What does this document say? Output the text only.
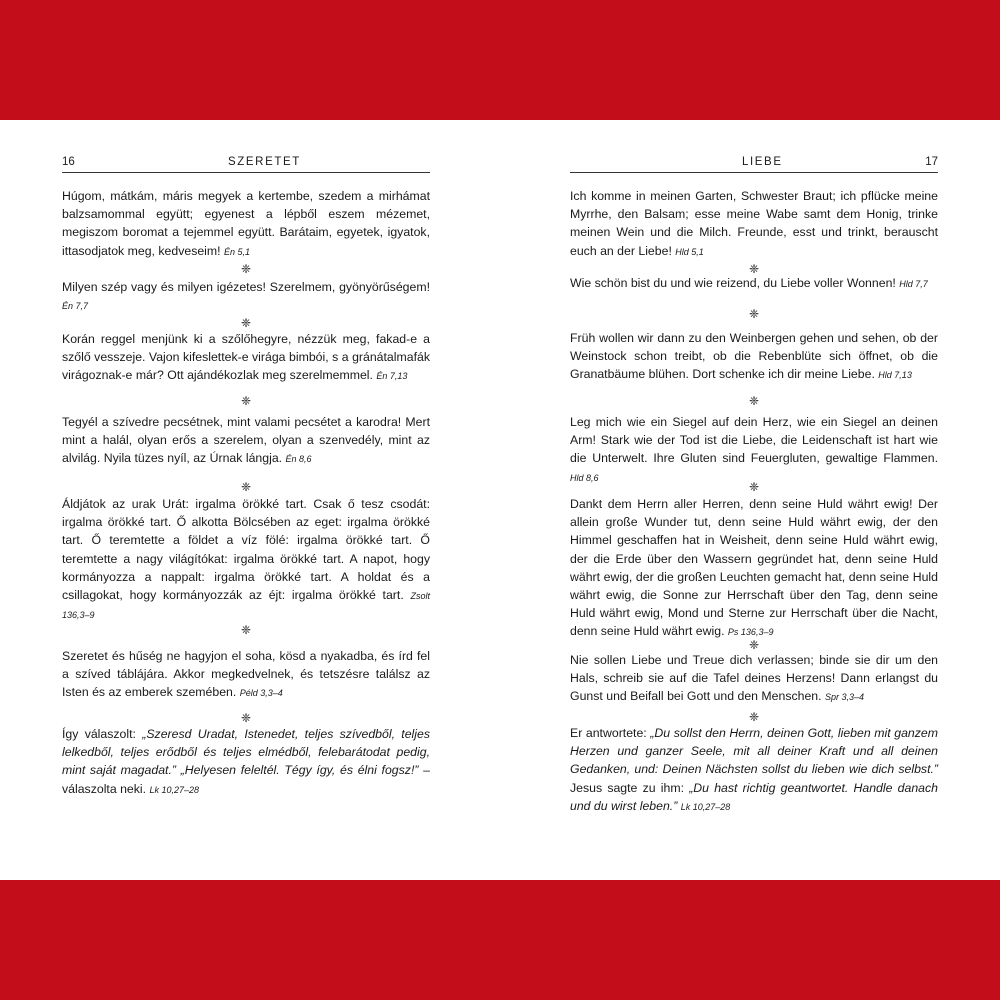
16	SZERETET
Húgom, mátkám, máris megyek a kertembe, szedem a mirhámat balzsamommal együtt; egyenest a lépből eszem mézemet, megiszom boromat a tejemmel együtt. Barátaim, egyetek, igyatok, ittasodjatok meg, kedveseim! Én 5,1
❈
Milyen szép vagy és milyen igézetes! Szerelmem, gyönyörűségem! Én 7,7
❈
Korán reggel menjünk ki a szőlőhegyre, nézzük meg, fakad-e a szőlő vesszeje. Vajon kifeslettek-e virága bimbói, s a gránátalmafák virágoznak-e már? Ott ajándékozlak meg szerelmemmel. Én 7,13
❈
Tegyél a szívedre pecsétnek, mint valami pecsétet a karodra! Mert mint a halál, olyan erős a szerelem, olyan a szenvedély, mint az alvilág. Nyila tüzes nyíl, az Úrnak lángja. Én 8,6
❈
Áldjátok az urak Urát: irgalma örökké tart. Csak ő tesz csodát: irgalma örökké tart. Ő alkotta Bölcsében az eget: irgalma örökké tart. Ő teremtette a földet a víz fölé: irgalma örökké tart. Ő teremtette a nagy világítókat: irgalma örökké tart. A napot, hogy kormányozza a nappalt: irgalma örökké tart. A holdat és a csillagokat, hogy kormányozzák az éjt: irgalma örökké tart. Zsolt 136,3–9
❈
Szeretet és hűség ne hagyjon el soha, kösd a nyakadba, és írd fel a szíved táblájára. Akkor megkedvelnek, és tetszésre találsz az Isten és az emberek szemében. Péld 3,3–4
❈
Így válaszolt: „Szeresd Uradat, Istenedet, teljes szívedből, teljes lelkedből, teljes erődből és teljes elmédből, felebarátodat pedig, mint saját magadat.” „Helyesen feleltél. Tégy így, és élni fogsz!” – válaszolta neki. Lk 10,27–28
LIEBE	17
Ich komme in meinen Garten, Schwester Braut; ich pflücke meine Myrrhe, den Balsam; esse meine Wabe samt dem Honig, trinke meinen Wein und die Milch. Freunde, esst und trinkt, berauscht euch an der Liebe! Hld 5,1
❈
Wie schön bist du und wie reizend, du Liebe voller Wonnen! Hld 7,7
❈
Früh wollen wir dann zu den Weinbergen gehen und sehen, ob der Weinstock schon treibt, ob die Rebenblüte sich öffnet, ob die Granatbäume blühen. Dort schenke ich dir meine Liebe. Hld 7,13
❈
Leg mich wie ein Siegel auf dein Herz, wie ein Siegel an deinen Arm! Stark wie der Tod ist die Liebe, die Leidenschaft ist hart wie die Unterwelt. Ihre Gluten sind Feuergluten, gewaltige Flammen. Hld 8,6
❈
Dankt dem Herrn aller Herren, denn seine Huld währt ewig! Der allein große Wunder tut, denn seine Huld währt ewig, der den Himmel geschaffen hat in Weisheit, denn seine Huld währt ewig, der die Erde über den Wassern gegründet hat, denn seine Huld währt ewig, der die großen Leuchten gemacht hat, denn seine Huld währt ewig, die Sonne zur Herrschaft über den Tag, denn seine Huld währt ewig, Mond und Sterne zur Herrschaft über die Nacht, denn seine Huld währt ewig. Ps 136,3–9
❈
Nie sollen Liebe und Treue dich verlassen; binde sie dir um den Hals, schreib sie auf die Tafel deines Herzens! Dann erlangst du Gunst und Beifall bei Gott und den Menschen. Spr 3,3–4
❈
Er antwortete: „Du sollst den Herrn, deinen Gott, lieben mit ganzem Herzen und ganzer Seele, mit all deiner Kraft und all deinen Gedanken, und: Deinen Nächsten sollst du lieben wie dich selbst.” Jesus sagte zu ihm: „Du hast richtig geantwortet. Handle danach und du wirst leben.” Lk 10,27–28
